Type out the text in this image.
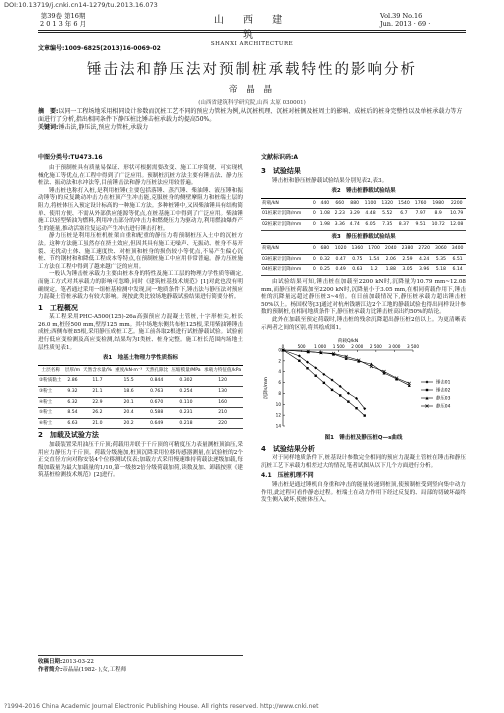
DOI:10.13719/j.cnki.cn14-1279/tu.2013.16.073
第39卷 第16期
2 0 1 3 年 6 月	山 西 建 筑
SHANXI ARCHITECTURE
Vol.39 No.16
Jun. 2013 · 69 ·
文章编号:1009-6825(2013)16-0069-02
锤击法和静压法对预制桩承载特性的影响分析
帝 晶 晶
(山西省建筑科学研究院,山西 太原 030001)
摘　要:以同一工程场地采用相同设计参数而沉桩工艺不同的预应力管桩为例,从沉桩机理、沉桩对桩侧及桩周土的影响、成桩后的桩身完整性以及单桩承载力等方面进行了分析,指出相同条件下静压桩比锤击桩承载力约提高50%。
关键词:锤击法,静压法,预应力管桩,承载力
中图分类号:TU473.16	文献标识码:A

由于预制桩具有质量易保证、形状可根据需要改变、施工工序简便、可实现机械化施工等优点,在工程中得到了广泛应用。预制桩沉桩方法主要有锤击法、静力压桩法、振动法和水冲法等,目前锤击法和静力压桩法应用较普遍。

锤击桩也称打入桩,是利用桩锤(主要包括落锤、蒸汽锤、柴油锤、液压锤和振动锤等)的反复跳动冲击力在桩顶产生冲击能,克服桩身的侧壁摩阻力和桩端土层的阻力,将桩体压入预定设计标高的一种施工方法。多种桩锤中,又因柴油锤具有结构简单、使用方便、不需从外部供应能源等优点,在桩基施工中得到了广泛应用。柴油锤施工以轻型柴油为燃料,利用冲击部分的冲击力和燃烧压力为驱动力,利用燃油爆炸产生的能量,推动活塞往复运动产生冲击进行锤击打桩。

静力压桩是利用压桩机桩架自重和配重的静压力将预制桩压入土中的沉桩方法。这种方法施工虽然存在挤土效应,但因其具有施工无噪声、无振动、桩身不易开裂、无扰动土体、施工速度快、对桩顶和桩身的损伤较小等优点,不易产生偏心沉桩、节约钢材和和降低工程成本等特点,在预制桩施工中应用非常普遍。静力压桩施工方法在工程中得到了越来越广泛的应用。

一般认为锤击桩承载力主要由桩本身的特性及施工工层的物理力学性质等确定,而施工方式对其承载力的影响可忽略,同时《建筑桩基技术规范》[1]对此也没有明确规定。笔者通过采用一组桩基检测中发现,同一地质条件下,锤击法与静压法对预应力混凝土管桩承载力有较大影响。现按此类比较场地静载试验结果进行简要分析。

1　工程概况

某工程采用PHC-A500(125)-26a高强预应力混凝土管桩,十字形桩尖,桩长26.0 m,桩径500 mm,壁厚125 mm。其中场地东侧共布桩125根,采用柴油锤锤击成桩;西侧布桩85根,采用静压成桩工艺。施工前各取2根进行试桩静载试验。试验前进行低应变检测及高应变检测,结果均为Ⅰ类桩、桩身完整。施工桩长范围内场地土层性质见表1。

表1　地基土物理力学性质指标
土层名称	层厚/m	天然含水量/%	重度/kN·m⁻³	天然孔隙比	压缩模量/MPa	承载力特征值/kPa
②粉质黏土	2.86	11.7	15.5	0.844	0.302	120
③粉土	9.32	21.1	18.6	0.763	0.254	130
④粉土	6.32	22.9	20.1	0.670	0.110	160
⑤粉土	8.54	26.2	20.4	0.588	0.231	210
⑥粉土	6.63	21.0	20.2	0.649	0.218	220
2　加载及试验方法

加载装置采用油压千斤顶;荷载用并联于千斤顶的可精度压力表量测桩顶油压,采用应力静压力千斤顶。荷载分级施加,桩顶沉降采用位移传感器测量,在试验桩的2个正交直径方向对称安装4个位移测试仪表;加载方式采用慢速维持荷载法逐级加载,每级加载量为最大加载量的1/10,第一级按2倍分级荷载加荷,读数及加、卸载按照《建筑基桩检测技术规范》[2]进行。

收稿日期:2013-03-22
作者简介:帝晶晶(1982- ),女,工程师
3　试验结果

锤击桩和静压桩静载试验结果分别见表2,表3。

表2　锤击桩静载试验结果
荷载/kN	0	440	660	880	1100	1320	1540	1760	1980	2200
01桩累计沉降/mm	0	1.08	2.23	3.29	4.48	5.52	6.7	7.97	8.9	10.79
02桩累计沉降/mm	0	1.98	3.36	4.74	6.05	7.35	8.37	9.51	10.72	12.08
表3　静压桩静载试验结果
荷载/kN	0	680	1020	1360	1700	2040	2380	2720	3060	3400
03桩累计沉降/mm	0	0.32	0.47	0.75	1.54	2.06	2.59	4.24	5.35	6.51
04桩累计沉降/mm	0	0.25	0.49	0.63	1.2	1.88	3.05	3.96	5.18	6.14

由试验结果可知,锤击桩在加载至2200 kN时,沉降量为10.79 mm~12.08 mm,而静压桩荷载加至2200 kN时,沉降量小于3.05 mm,在相同荷载作用下,锤击桩的沉降量远超过静压桩3~4倍。在日前加载情况下,静压桩承载力超出锤击桩50%以上。杨国权等[3]通过对杭州钱塘江边2个工地的静载试验也得出同样设计参数的预制桩,在相同地质条件下,静压桩承载力比锤击桩高出约50%的结论。

此外在加载至预定荷载时,锤击桩的残余沉降超出静压桩2倍以上。为更清晰表示两者之间的区别,将其绘成图1。

0	500 1 000 1 500 2 000 2 500 3 000 3 500
0
2
4
6
8
10
12
14
荷载Q/kN
沉降s/mm	锤击01
锤击02
静压03
静压04
图1　锤击桩及静压桩Q—s曲线
4　试验结果分析

对于同样地质条件下,桩基设计参数完全相同的预应力混凝土管桩在锤击和静压沉桩工艺下承载力相差过大的情况,笔者试图从以下几个方面进行分析。

4.1　压桩机理不同

锤击桩是通过锤机自身重和冲击的能量传递到桩顶,使预制桩受到竖向集中动力作用,此过程可看作静态过程。桩端土在动力作用下经过反复的、局部的切破坏最终发生侧入破坏,使桩体压入。

?1994-2016 China Academic Journal Electronic Publishing House. All rights reserved. http://www.cnki.net
